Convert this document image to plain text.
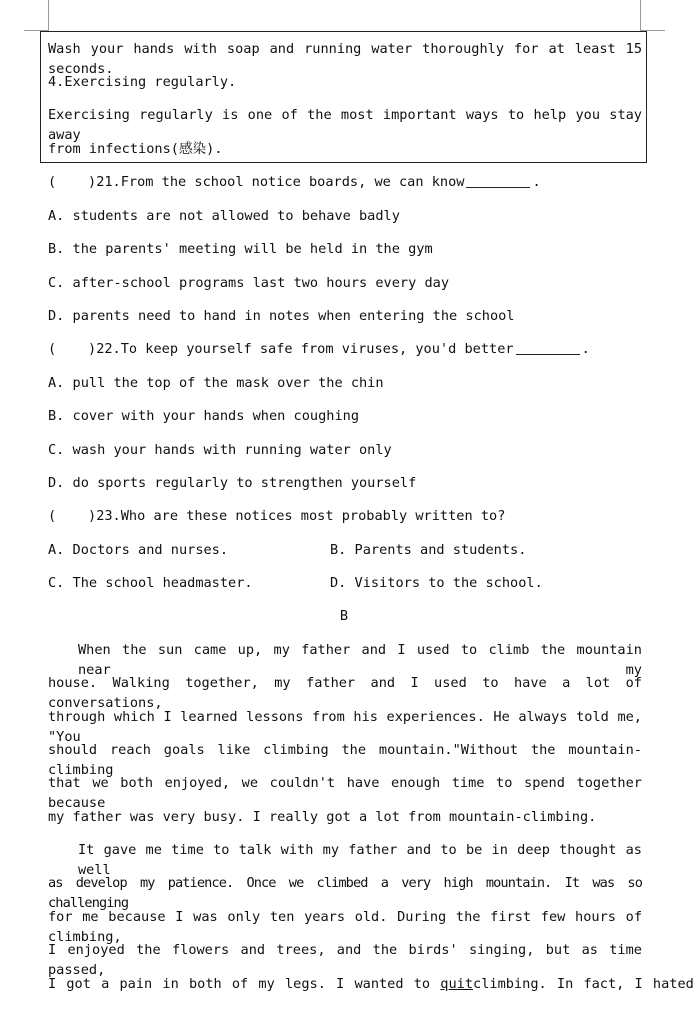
Wash your hands with soap and running water thoroughly for at least 15 seconds.
4.Exercising regularly.
Exercising regularly is one of the most important ways to help you stay away
from infections(感染).
( )21.From the school notice boards, we can know	.
A. students are not allowed to behave badly
B. the parents' meeting will be held in the gym
C. after-school programs last two hours every day
D. parents need to hand in notes when entering the school
( )22.To keep yourself safe from viruses, you'd better	.
A. pull the top of the mask over the chin
B. cover with your hands when coughing
C. wash your hands with running water only
D. do sports regularly to strengthen yourself
( )23.Who are these notices most probably written to?
A. Doctors and nurses.	B. Parents and students.
C. The school headmaster.	D. Visitors to the school.
B
When the sun came up, my father and I used to climb the mountain near my
house. Walking together, my father and I used to have a lot of conversations,
through which I learned lessons from his experiences. He always told me, "You
should reach goals like climbing the mountain."Without the mountain-climbing
that we both enjoyed, we couldn't have enough time to spend together because
my father was very busy. I really got a lot from mountain-climbing.
It gave me time to talk with my father and to be in deep thought as well
as develop my patience. Once we climbed a very high mountain. It was so challenging
for me because I was only ten years old. During the first few hours of climbing,
I enjoyed the flowers and trees, and the birds' singing, but as time passed,
I got a pain in both of my legs. I wanted to quitclimbing. In fact, I hated
